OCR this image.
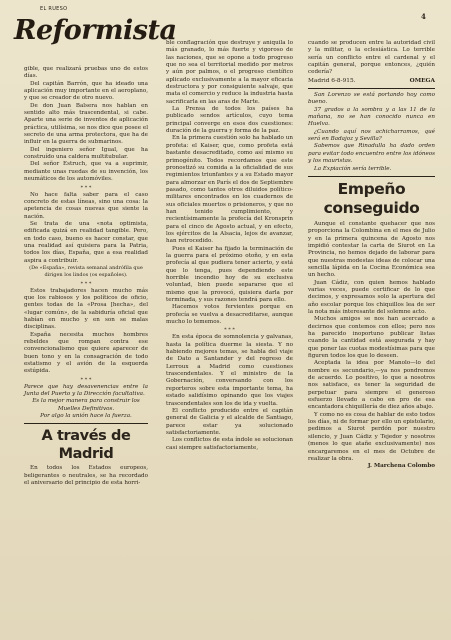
EL RUESO
Reformista	4

gible, que realizará pruebas uno de estos días.

Del capitán Barrón, que ha ideado una aplicación muy importante en el aeroplano, y que se creador de otro nuevo.

De don Juan Balsera nos hablan en sentido alto más trascendental, si cabe. Aparte una serie de inventos de aplicación práctica, utilísima, se nos dice que posee el secreto de una arma protectora, que ha de influir en la guerra de submarinos.

Del ingeniero señor Igual, que ha construído una caldera multitubular.

Del señor Estruch, que va a suprimir, mediante unas ruedas de su invención, los neumáticos de los automóviles.

* * *

No hace falta saber para el caso concreto de estas líneas, sino una cosa: la apetencia de cosas nuevas que siente la nación.

Se trata de una «nota optimista, edificada quizá en realidad tangible. Pero, en todo caso, bueno es hacer constar, que una realidad así quisiera para la Patria, todos los días, España, que a esa realidad aspira a contribuir.

(De «España», revista semanal andrófila que dirigen los lindos (os españoles).

* * *

Estos trabajadores hacen mucho más que los rabiosos y los políticos de oficio, gentes todas de la «Prosa [hecha», del «lugar común», de la sabiduría oficial que habían en mucho y en son se malas disciplinas.

España necesita muchos hombres rebeldes que rompan contra ese convencionalismo que quiere aparecer de buen tono y en la consagración de todo estatismo y el avión de la esquerda estúpida.

* * *

Parece que hay desavenencias entre la Junta del Puerto y la Dirección facultativa.

Es la mejor manera para construir los Muelles Definitivos.

Por algo la unión hace la fuerza.

A través de Madrid

En todos los Estados europeos, beligerantes o neutrales, se ha recordado el aniversario del principio de esta horri-

ble conflagración que destruye y aniquila lo más granado, lo más fuerte y vigoroso de las naciones, que se opone a todo progreso que no sea el territorial medido por metros y aún por palmos, o el progreso científico aplicado exclusivamente a la mayor eficacia destructora y por consiguiente salvaje, que mata el comercio y reduce la industria hasta sacrificarla en las aras de Marte.

La Prensa de todos los países ha publicado sendos artículos, cuyo tema principal converge en esos dos cuestiones: duración de la guerra y forma de la paz.

En la primera cuestión solo ha hablado un profeta: el Kaiser, que, como profeta está bastante desacreditado, como así mismo su primogénito. Todos recordamos que este pronostizó su comida a la oficialidad de sus regimientos triunfantes y a su Estado mayor para almorzar en París el dos de Septiembre pasado, como tantos otros diluidos político-militares encontrados en los cuadernos de sus oficiales muertos o prisioneros, y que no han tenido cumplimiento, y recientísimamente la profecía del Kronsprin para el cinco de Agosto actual, y en efecto, los ejércitos de la Alsacia, lejos de avanzar, han retrocedido.

Pues el Kaiser ha fijado la terminación de la guerra para el próximo otoño, y en esta profecía al que pudiera tener acierto, y está que lo tenga, pues dependiendo este horrible incendio hoy de su exclusiva voluntad, bien puede separarse que el mismo que la provocó, quisiera darla por terminada, y sus razones tendrá para ello.

Hacemos votos fervientes porque en profecía se vuelva a desacreditarse, aunque mucho lo tememos.

* * *

En esta época de somnolencia y galvanas, hasta la política duerme la siesta. Y no habiendo mejores temas, se habla del viaje de Dato a Santander y del regreso de Lerroux a Madrid como cuestiones trascendentales. Y el ministro de la Gobernación, conversando con los reporteros sobre esta importante tema, ha estado salidísimo opinando que los viajes trascendentales son los de ida y vuelta.

El conflicto producido entre el capitán general de Galicia y el alcalde de Santiago, parece estar ya solucionado satisfactoriamente.

Los conflictos de esta índole se solucionan casi siempre satisfactoriamente,

cuando se producen entre la autoridad civil y la militar, o la eclesiástica. Lo terrible sería un conflicto entre el cardenal y el capitán general, porque entonces, ¿quién cedería?

Madrid 6-8-915.	OMEGA

San Lorenzo se está portando hoy como bueno.

37 grados a la sombra y a las 11 de la mañana, no se han conocido nunca en Huelva.

¿Cuando aquí nos achicharramos, qué será en Badajoz y Sevilla?

Sabemos que Rinadulla ha dado orden para evitar todo encuentro entre los idóneos y los mauristas.

La Expiación sería terrible.

Empeño conseguido

Aunque el constante quehacer que nos proporciona la Colombina en el mes de Julio y en la primera quincena de Agosto nos impidió contestar la carta de Siurot en La Provincia, no hemos dejado de laborar para que nuestras modestas ideas de colocar una sencilla lápida en la Cocina Económica sea un hecho.

Juan Cádiz, con quien hemos hablado varias veces, puede certificar de lo que decimos, y expresamos solo la apertura del año escolar porque los chiquillos lea de ser la nota más interesante del solemne acto.

Muchos amigos se nos han acercado a decirnos que contemos con ellos; pero nos ha parecido inoportuno publicar listas cuando la cantidad está asegurada y hay que poner las cuotas modestísimas para que figuren todos los que lo deseen.

Aceptada la idea por Manolo—lo del nombre es secundario,—ya nos pondremos de acuerdo. Lo positivo, lo que a nosotros nos satisface, es tener la seguridad de perpetuar para siempre el generoso esfuerzo llevado a cabo en pro de esa encantadora chiquillería de diez años abajo.

Y como no es cosa de hablar de esto todos los días, ni de formar por ello un epistolario, pedimos a Siurot perdón por nuestro silencio, y Juan Cádiz y Tejedor y nosotros (menos lo que atañe exclusivamente) nos encargaremos en el mes de Octubre de realizar la obra.

J. Marchena Colombo
